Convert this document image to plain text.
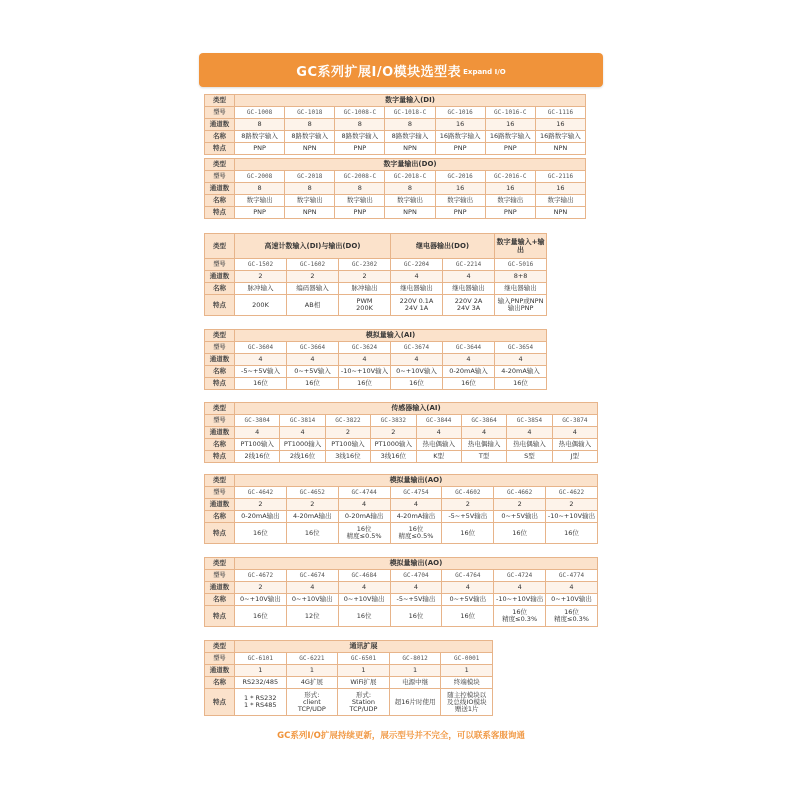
GC系列扩展I/O模块选型表 Expand I/O
类型	数字量输入(DI)						
型号	GC-1008	GC-1018	GC-1008-C	GC-1018-C	GC-1016	GC-1016-C	GC-1116
通道数	8	8	8	8	16	16	16
名称	8路数字输入	8路数字输入	8路数字输入	8路数字输入	16路数字输入	16路数字输入	16路数字输入
特点	PNP	NPN	PNP	NPN	PNP	PNP	NPN
类型	数字量输出(DO)						
型号	GC-2008	GC-2018	GC-2008-C	GC-2018-C	GC-2016	GC-2016-C	GC-2116
通道数	8	8	8	8	16	16	16
名称	数字输出	数字输出	数字输出	数字输出	数字输出	数字输出	数字输出
特点	PNP	NPN	PNP	NPN	PNP	PNP	NPN
类型	高速计数输入(DI)与输出(DO)			继电器输出(DO)		数字量输入+输出
型号	GC-1502	GC-1602	GC-2302	GC-2204	GC-2214	GC-5016
通道数	2	2	2	4	4	8+8
名称	脉冲输入	编码器输入	脉冲输出	继电器输出	继电器输出	继电器输出
特点	200K	AB相	PWM
200K	220V 0.1A
24V 1A	220V 2A
24V 3A	输入PNP或NPN
输出PNP
类型	模拟量输入(AI)					
型号	GC-3604	GC-3664	GC-3624	GC-3674	GC-3644	GC-3654
通道数	4	4	4	4	4	4
名称	-5~+5V输入	0~+5V输入	-10~+10V输入	0~+10V输入	0-20mA输入	4-20mA输入
特点	16位	16位	16位	16位	16位	16位
类型	传感器输入(AI)							
型号	GC-3804	GC-3814	GC-3822	GC-3832	GC-3844	GC-3864	GC-3854	GC-3874
通道数	4	4	2	2	4	4	4	4
名称	PT100输入	PT1000输入	PT100输入	PT1000输入	热电偶输入	热电偶输入	热电偶输入	热电偶输入
特点	2线16位	2线16位	3线16位	3线16位	K型	T型	S型	J型
类型	模拟量输出(AO)						
型号	GC-4642	GC-4652	GC-4744	GC-4754	GC-4602	GC-4662	GC-4622
通道数	2	2	4	4	2	2	2
名称	0-20mA输出	4-20mA输出	0-20mA输出	4-20mA输出	-5~+5V输出	0~+5V输出	-10~+10V输出
特点	16位	16位	16位
精度≤0.5%	16位
精度≤0.5%	16位	16位	16位
类型	模拟量输出(AO)						
型号	GC-4672	GC-4674	GC-4684	GC-4704	GC-4764	GC-4724	GC-4774
通道数	2	4	4	4	4	4	4
名称	0~+10V输出	0~+10V输出	0~+10V输出	-5~+5V输出	0~+5V输出	-10~+10V输出	0~+10V输出
特点	16位	12位	16位	16位	16位	16位
精度≤0.3%	16位
精度≤0.3%
类型	通讯扩展				
型号	GC-6101	GC-6221	GC-6501	GC-8012	GC-0001
通道数	1	1	1	1	1
名称	RS232/485	4G扩展	WiFi扩展	电源中继	终端模块
特点	1 * RS232
1 * RS485	形式:
client
TCP/UDP	形式:
Station
TCP/UDP	超16片时使用	随主控模块以
及总线IO模块
赠送1片
GC系列I/O扩展持续更新，展示型号并不完全，可以联系客服询通
